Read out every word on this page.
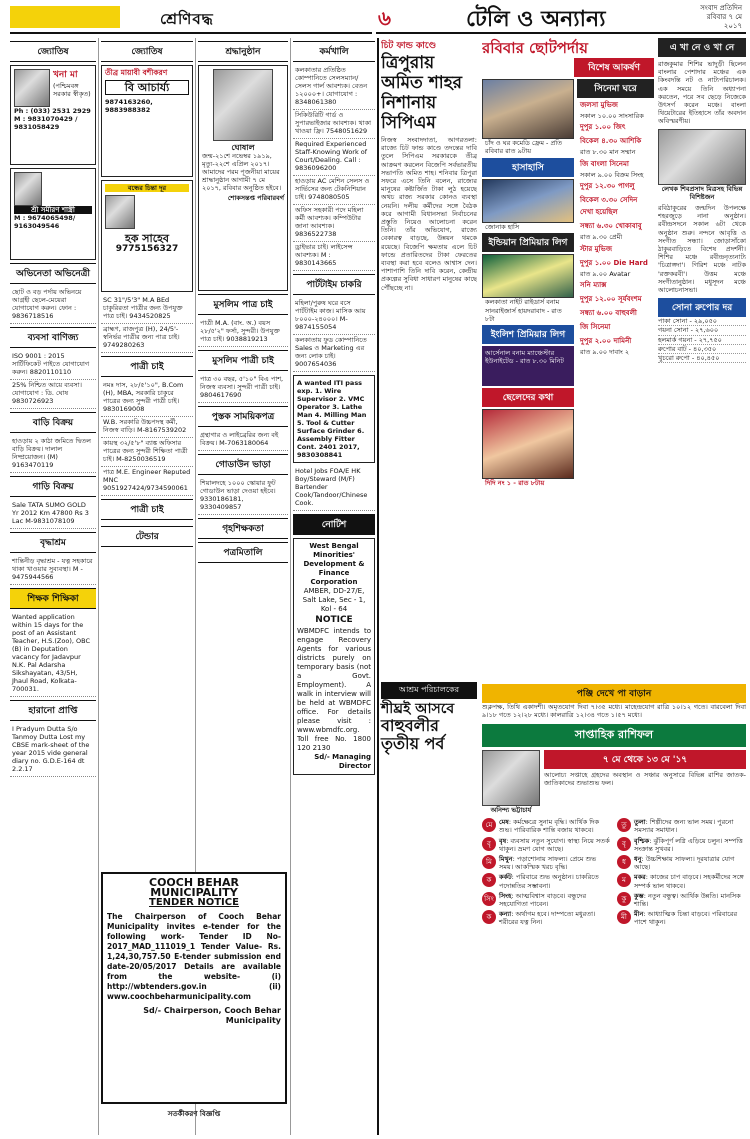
শ্রেণিবদ্ধ	৬	টেলি ও অন্যান্য	সংবাদ প্রতিদিন
রবিবার ৭ মে
২০১৭
জ্যোতিষ
খনা মা
(পশ্চিমবঙ্গ সরকার স্বীকৃত)
Ph : (033) 2531 2929
M : 9831070429 / 9831058429
শ্রী সমীরণ শাস্ত্রী
M : 9674065498/ 9163049546
অভিনেতা অভিনেত্রী
ছোট ও বড় পর্দায় অভিনয়ে আগ্রহী ছেলে-মেয়েরা যোগাযোগ করুন। ফোন : 9836718516
ব্যবসা বাণিজ্য
ISO 9001 : 2015 সার্টিফিকেট পাইতে যোগাযোগ করুন। 8820110110
25% নিশ্চিত আয়ে ব্যবসা। যোগাযোগ : ডি. ঘোষ 9830726923
বাড়ি বিক্রয়
হাওড়ায় ২ কাঠা জমিতে দ্বিতল বাড়ি বিক্রয়। দালাল নিষ্প্রয়োজন। (M) 9163470119
গাড়ি বিক্রয়
Sale TATA SUMO GOLD Yr 2012 Km 47800 Rs 3 Lac M-9831078109
বৃদ্ধাশ্রম
শান্তিনীড় বৃদ্ধাশ্রম - যত্ন সহকারে থাকা খাওয়ার সুব্যবস্থা। M - 9475944566
শিক্ষক শিক্ষিকা
Wanted application within 15 days for the post of an Assistant Teacher, H.S.(Zoo), OBC (B) in Deputation vacancy for Jadavpur N.K. Pal Adarsha Sikshayatan, 43/5H, Jhaul Road, Kolkata-700031.
হারানো প্রাপ্তি
I Pradyum Dutta S/o Tanmoy Dutta Lost my CBSE mark-sheet of the year 2015 vide general diary no. G.D.E-164 dt 2.2.17
জ্যোতিষ
তীব্র মায়াবী বশীকরণ
বি আচার্য্য
9874163260, 9883988382
বন্ধের চিন্তা দূর
হক সাহেব
9775156327
SC 31"/5'3" M.A BEd চাকুরিরতা পাত্রীর জন্য উপযুক্ত পাত্র চাই। 9434520825
ব্রাহ্মণ, রাজপুত্র (H), 24/5'-স্বনির্ভর পাত্রীর জন্য পাত্র চাই। 9749280263
পাত্রী চাই
নমঃ দাস, ২৮/৫'১০", B.Com (H), MBA, সরকারি চাকুরে পাত্রের জন্য সুন্দরী পাত্রী চাই। 9830169008
W.B. সরকারি উচ্চপদস্থ কর্মী, নিজস্ব বাড়ি। M-8167539202
কায়স্থ ৩২/৫'৮" ব্যাঙ্ক অফিসার পাত্রের জন্য সুন্দরী শিক্ষিতা পাত্রী চাই। M-8250036519
পাত্র M.E. Engineer Reputed MNC 9051927424/9734590061
পাত্রী চাই
টেন্ডার
COOCH BEHAR MUNICIPALITY
TENDER NOTICE
The Chairperson of Cooch Behar Municipality invites e-tender for the following work- Tender ID No- 2017_MAD_111019_1 Tender Value- Rs. 1,24,30,757.50 E-tender submission end date-20/05/2017 Details are available from the website- (i) http://wbtenders.gov.in (ii) www.coochbeharmunicipality.com
Sd/- Chairperson, Cooch Behar Municipality
সতর্কীকরণ বিজ্ঞপ্তি
শ্রদ্ধানুষ্ঠান
ঘোষাল
জন্ম-২১শে নভেম্বর ১৯১৯, মৃত্যু-২২শে এপ্রিল ২০১৭। আমাদের পরম পূজনীয়া মায়ের শ্রাদ্ধানুষ্ঠান আগামী ৭ মে ২০১৭, রবিবার অনুষ্ঠিত হইবে।
শোকসন্তপ্ত পরিবারবর্গ
মুসলিম পাত্র চাই
পাত্রী M.A. (বাং. অ.) বয়স ২৮/৫'২" ফর্সা, সুন্দরী। উপযুক্ত পাত্র চাই। 9038819213
মুসলিম পাত্রী চাই
পাত্র ৩০ বছর, ৫'১০" বিএ পাশ, নিজস্ব ব্যবসা। সুন্দরী পাত্রী চাই। 9804617690
পুস্তক সাময়িকপত্র
গ্রন্থাগার ও লাইব্রেরির জন্য বই বিক্রয়। M-7063180064
গোডাউন ভাড়া
শিয়ালদহে ১০০০ স্কোয়ার ফুট গোডাউন ভাড়া দেওয়া হইবে। 9330186181, 9330409857
গৃহশিক্ষকতা
পত্রমিতালি
কর্মখালি
কলকাতার প্রতিষ্ঠিত কোম্পানিতে সেলসম্যান/ সেলস গার্ল আবশ্যক। বেতন ১২০০০+। যোগাযোগ : 8348061380
সিকিউরিটি গার্ড ও সুপারভাইজার আবশ্যক। থাকা খাওয়া ফ্রি। 7548051629
Required Experienced Staff-Knowing Work of Court/Dealing. Call : 9836096200
হাওড়ায় AC মেশিন সেলস ও সার্ভিসের জন্য টেকনিশিয়ান চাই। 9748080505
অফিস সহকারী পদে মহিলা কর্মী আবশ্যক। কম্পিউটার জানা আবশ্যক। 9836522738
ড্রাইভার চাই। লাইসেন্স আবশ্যক। M : 9830143665
পার্টটাইম চাকরি
মহিলা/পুরুষ ঘরে বসে পার্টটাইম কাজ। মাসিক আয় ৮০০০-২৪০০০। M-9874155054
কলকাতায় ফুড কোম্পানিতে Sales ও Marketing এর জন্য লোক চাই। 9007654036
A wanted ITI pass exp. 1. Wire Supervisor 2. VMC Operator 3. Lathe Man 4. Milling Man 5. Tool & Cutter Surface Grinder 6. Assembly Fitter Cont. 2401 2017, 9830308841
Hotel Jobs FOA/E HK Boy/Steward (M/F) Bartender Cook/Tandoor/Chinese Cook.
নোটিশ
West Bengal Minorities' Development & Finance Corporation
AMBER, DD-27/E, Salt Lake, Sec - 1, Kol - 64
NOTICE
WBMDFC intends to engage Recovery Agents for various districts purely on temporary basis (not a Govt. Employment). A walk in interview will be held at WBMDFC office. For details please visit : www.wbmdfc.org. Toll free No. 1800 120 2130
Sd/- Managing Director
চিট ফান্ড কাণ্ডে
ত্রিপুরায় অমিত শাহর নিশানায় সিপিএম
নিজস্ব সংবাদদাতা, আগরতলা: রাজ্যে চিট ফান্ড কাণ্ডে তদন্তের দাবি তুলে সিপিএম সরকারকে তীব্র আক্রমণ করলেন বিজেপি সর্বভারতীয় সভাপতি অমিত শাহ। শনিবার ত্রিপুরা সফরে এসে তিনি বলেন, রাজ্যের মানুষের কষ্টার্জিত টাকা লুঠ হয়েছে অথচ রাজ্য সরকার কোনও ব্যবস্থা নেয়নি। দলীয় কর্মীদের সঙ্গে বৈঠক করে আগামী বিধানসভা নির্বাচনের প্রস্তুতি নিয়েও আলোচনা করেন তিনি। তাঁর অভিযোগ, রাজ্যে বেকারত্ব বাড়ছে, উন্নয়ন থমকে রয়েছে। বিজেপি ক্ষমতায় এলে চিট ফান্ডে প্রতারিতদের টাকা ফেরতের ব্যবস্থা করা হবে বলেও আশ্বাস দেন। পাশাপাশি তিনি দাবি করেন, কেন্দ্রীয় প্রকল্পের সুবিধা সাধারণ মানুষের কাছে পৌঁছচ্ছে না।
আশ্রম পরিচালকের
শীঘ্রই আসবে
বাহুবলীর তৃতীয় পর্ব
রবিবার ছোটপর্দায়
বিশেষ আকর্ষণ
চাঁদ ও ঘর কমেডি ফ্রেম - প্রতি রবিবার রাত ৯টায়
হাসাহাসি
জোনাক হাসি
ইন্ডিয়ান প্রিমিয়ার লিগ
কলকাতা নাইট রাইডার্স বনাম সানরাইজার্স হায়দরাবাদ - রাত ৮টা
ইংলিশ প্রিমিয়ার লিগ
আর্সেনাল বনাম ম্যাঞ্চেস্টার ইউনাইটেড - রাত ৮.৩০ মিনিট
ছেলেদের কথা
দিদি নং ১ - রাত ৮টায়
সিনেমা ঘরে
জলসা মুভিজ
সকাল ১০.০০ সাংসারিক
দুপুর ১.০০ জিৎ
বিকেল ৪.৩০ আশিকি
রাত ৮.৩০ মান সম্মান
জি বাংলা সিনেমা
সকাল ৯.০০ বিক্রম সিংহ
দুপুর ১২.৩০ পাগলু
বিকেল ৩.৩০ সেদিন দেখা হয়েছিল
সন্ধ্যা ৬.৩০ খোকাবাবু
রাত ৯.৩০ প্রেমী
স্টার মুভিজ
দুপুর ১.০০ Die Hard
রাত ৯.০০ Avatar
সনি ম্যাক্স
দুপুর ১২.০০ সূর্যবংশম
সন্ধ্যা ৬.০০ বাহুবলী
জি সিনেমা
দুপুর ২.০০ দামিনী
রাত ৯.০০ দাবাং ২
এ খা নে ও খা নে
রাজকুমার শিশির ভাদুড়ী ছিলেন বাংলার পেশাদার মঞ্চের এক কিংবদন্তি নট ও নাট্যপরিচালক। এক সময়ে তিনি অধ্যাপনা করতেন, পরে সব ছেড়ে নিজেকে উৎসর্গ করেন মঞ্চে। বাংলা থিয়েটারের ইতিহাসে তাঁর অবদান অবিস্মরণীয়।
লেখক শিবপ্রসাদ মিত্রসহ বিভিন্ন বিশিষ্টজন
রবিঠাকুরের জন্মদিন উপলক্ষে শহরজুড়ে নানা অনুষ্ঠান। রবীন্দ্রসদনে সকাল ৬টা থেকে অনুষ্ঠান শুরু। নন্দনে আবৃত্তি ও সংগীত সন্ধ্যা। জোড়াসাঁকো ঠাকুরবাড়িতে বিশেষ প্রদর্শনী। শিশির মঞ্চে রবীন্দ্রনৃত্যনাট্য 'চিত্রাঙ্গদা'। গিরিশ মঞ্চে নাটক 'রক্তকরবী'। উত্তম মঞ্চে সংগীতানুষ্ঠান। মধুসূদন মঞ্চে আলোচনাসভা।
সোনা রুপোর দর
পাকা সোনা - ২৯,০৫০
গয়না সোনা - ২৭,৬০০
হলমার্ক গয়না - ২৭,৭৫০
রুপোর বাট - ৪০,৩৫০
খুচরো রুপো - ৪০,৪৫০
পঞ্জি দেখে পা বাড়ান
শুক্লপক্ষ, তিথি একাদশী। অমৃতযোগ দিবা ৭।৩৫ মধ্যে। মাহেন্দ্রযোগ রাত্রি ১০।১২ গতে। বারবেলা দিবা ৯।১৮ গতে ১২।২৮ মধ্যে। কালরাত্রি ১২।৩৪ গতে ১।৫৭ মধ্যে।
সাপ্তাহিক রাশিফল
অনিন্দ্য ভট্টাচার্য
৭ মে থেকে ১৩ মে '১৭
আলোচ্য সপ্তাহে গ্রহদের অবস্থান ও সঞ্চার অনুসারে বিভিন্ন রাশির জাতক-জাতিকাদের শুভাশুভ ফল।
মে	মেষ: কর্মক্ষেত্রে সুনাম বৃদ্ধি। আর্থিক দিক শুভ। পারিবারিক শান্তি বজায় থাকবে।
বৃ	বৃষ: ব্যবসায় নতুন সুযোগ। স্বাস্থ্য নিয়ে সতর্ক থাকুন। ভ্রমণ যোগ আছে।
মি	মিথুন: পড়াশোনায় সাফল্য। প্রেমে শুভ সময়। আকস্মিক খরচ বৃদ্ধি।
ক	কর্কট: পরিবারে শুভ অনুষ্ঠান। চাকরিতে পদোন্নতির সম্ভাবনা।
সিং সিংহ: আত্মবিশ্বাস বাড়বে। বন্ধুদের সহযোগিতা পাবেন।
ক	কন্যা: অর্থাগম হবে। দাম্পত্যে মধুরতা। শরীরের যত্ন নিন।
তু	তুলা: শিল্পীদের জন্য ভাল সময়। পুরনো সমস্যার সমাধান।
বৃ	বৃশ্চিক: ঝুঁকিপূর্ণ লগ্নি এড়িয়ে চলুন। সম্পত্তি সংক্রান্ত সুখবর।
ধ	ধনু: উচ্চশিক্ষায় সাফল্য। দূরযাত্রার যোগ আছে।
ম	মকর: কাজের চাপ বাড়বে। সহকর্মীদের সঙ্গে সম্পর্ক ভাল থাকবে।
কু	কুম্ভ: নতুন বন্ধুত্ব। আর্থিক উন্নতি। মানসিক শান্তি।
মী	মীন: আধ্যাত্মিক চিন্তা বাড়বে। পরিবারের পাশে থাকুন।
